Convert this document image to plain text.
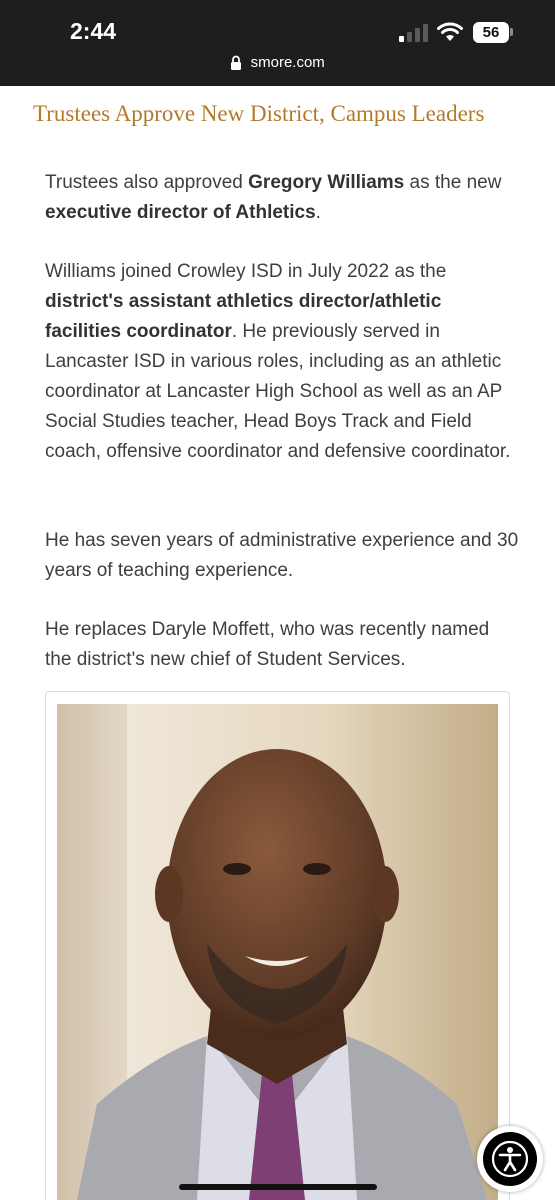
2:44	56
smore.com
Trustees Approve New District, Campus Leaders

Trustees also approved Gregory Williams as the new executive director of Athletics.

Williams joined Crowley ISD in July 2022 as the district's assistant athletics director/athletic facilities coordinator. He previously served in Lancaster ISD in various roles, including as an athletic coordinator at Lancaster High School as well as an AP Social Studies teacher, Head Boys Track and Field coach, offensive coordinator and defensive coordinator.

He has seven years of administrative experience and 30 years of teaching experience.

He replaces Daryle Moffett, who was recently named the district's new chief of Student Services.
